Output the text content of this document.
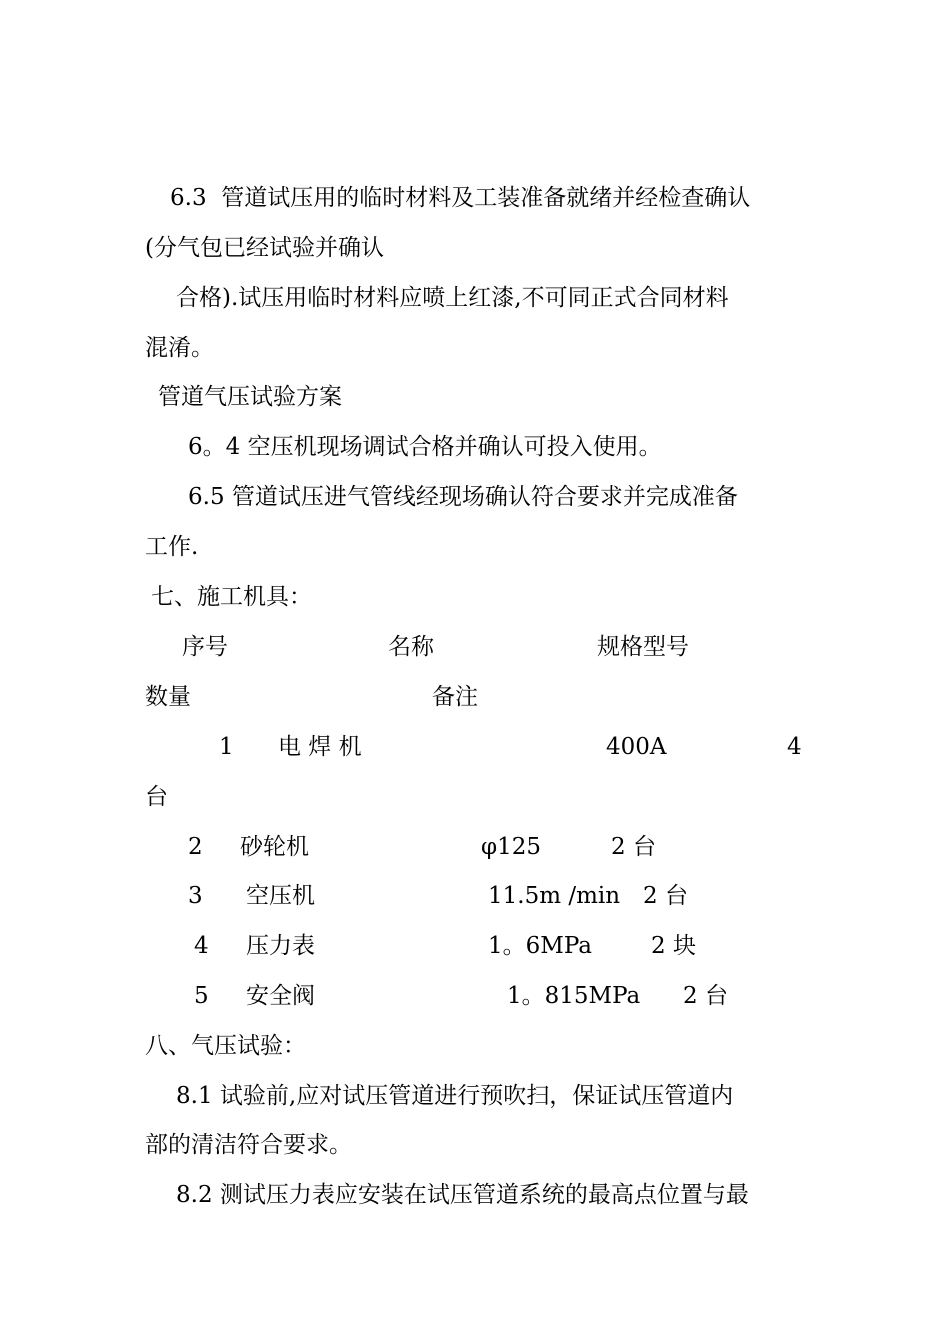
6.3  管道试压用的临时材料及工装准备就绪并经检查确认
(分气包已经试验并确认
合格).试压用临时材料应喷上红漆,不可同正式合同材料
混淆。
管道气压试验方案
6。4 空压机现场调试合格并确认可投入使用。
6.5 管道试压进气管线经现场确认符合要求并完成准备
工作.
七、施工机具：
序号	名称	规格型号
数量	备注
1 电 焊 机	400A	4
台
2 砂轮机	φ125	2 台
3 空压机	11.5m /min 2 台
4 压力表	1。6MPa	2 块
5 安全阀	1。815MPa 2 台
八、气压试验：
8.1 试验前,应对试压管道进行预吹扫，保证试压管道内
部的清洁符合要求。
8.2 测试压力表应安装在试压管道系统的最高点位置与最
